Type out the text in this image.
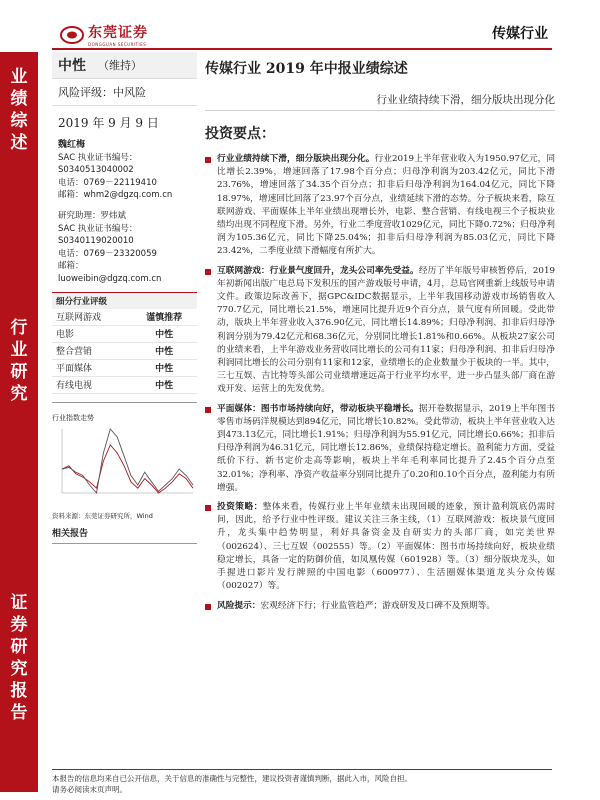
东莞证券
DONGGUAN SECURITIES
传媒行业
业
绩
综
述
行
业
研
究
证
券
研
究
报
告
中性 （维持）
风险评级：中风险
2019 年 9 月 9 日
魏红梅
SAC 执业证书编号：
S0340513040002
电话：0769－22119410
邮箱：whm2@dgzq.com.cn
研究助理：罗炜斌
SAC 执业证书编号：
S0340119020010
电话：0769－23320059
邮箱：
luoweibin@dgzq.com.cn
细分行业评级
互联网游戏	谨慎推荐
电影	中性
整合营销	中性
平面媒体	中性
有线电视	中性
行业指数走势
资料来源：东莞证券研究所，Wind
相关报告
传媒行业 2019 年中报业绩综述
行业业绩持续下滑，细分版块出现分化
投资要点：
行业业绩持续下滑，细分版块出现分化。行业2019上半年营业收入为1950.97亿元，同比增长2.39%，增速回落了17.98个百分点；归母净利润为203.42亿元，同比下滑23.76%，增速回落了34.35个百分点；扣非后归母净利润为164.04亿元，同比下降18.97%，增速回比回落了23.97个百分点，业绩延续下滑的态势。分子板块来看，除互联网游戏、平面媒体上半年业绩出现增长外，电影、整合营销、有线电视三个子板块业绩均出现不同程度下滑。另外，行业二季度营收1029亿元，同比下降0.72%；归母净利润为105.36亿元，同比下降25.04%；扣非后归母净利润为85.03亿元，同比下降23.42%，二季度业绩下滑幅度有所扩大。
互联网游戏：行业景气度回升，龙头公司率先受益。经历了半年版号审核暂停后，2019年初新闻出版广电总局下发积压的国产游戏版号申请，4月，总局官网重新上线版号申请文件。政策边际改善下，据GPC&IDC数据显示，上半年我国移动游戏市场销售收入770.7亿元，同比增长21.5%，增速同比提升近9个百分点，景气度有所回暖。受此带动，版块上半年营业收入376.90亿元，同比增长14.89%；归母净利润、扣非后归母净利润分别为79.42亿元和68.36亿元，分别同比增长1.81%和0.66%。从板块27家公司的业绩来看，上半年游戏业务营收同比增长的公司有11家；归母净利润、扣非后归母净利润同比增长的公司分别有11家和12家，业绩增长的企业数量少于板块的一半。其中，三七互娱、吉比特等头部公司业绩增速远高于行业平均水平，进一步凸显头部厂商在游戏开发、运营上的先发优势。
平面媒体：图书市场持续向好，带动板块平稳增长。据开卷数据显示，2019上半年图书零售市场码洋规模达到894亿元，同比增长10.82%。受此带动，板块上半年营业收入达到473.13亿元，同比增长1.91%；归母净利润为55.91亿元，同比增长0.66%；扣非后归母净利润为46.31亿元，同比增长12.86%，业绩保持稳定增长。盈利能力方面，受益纸价下行、新书定价走高等影响，板块上半年毛利率同比提升了2.45个百分点至32.01%；净利率、净资产收益率分别同比提升了0.20和0.10个百分点，盈利能力有所增强。
投资策略：整体来看，传媒行业上半年业绩未出现回暖的迹象，预计盈利筑底仍需时间，因此，给予行业中性评级。建议关注三条主线，（1）互联网游戏：板块景气度回升，龙头集中趋势明显，利好具备资金及自研实力的头部厂商，如完美世界（002624）、三七互娱（002555）等。（2）平面媒体：图书市场持续向好，板块业绩稳定增长，具备一定的防御价值，如凤凰传媒（601928）等。（3）细分版块龙头，如手握进口影片发行牌照的中国电影（600977）、生活圈媒体渠道龙头分众传媒（002027）等。
风险提示：宏观经济下行；行业监管趋严；游戏研发及口碑不及预期等。
本报告的信息均来自已公开信息，关于信息的准确性与完整性，建议投资者谨慎判断，据此入市，风险自担。
请务必阅读末页声明。
